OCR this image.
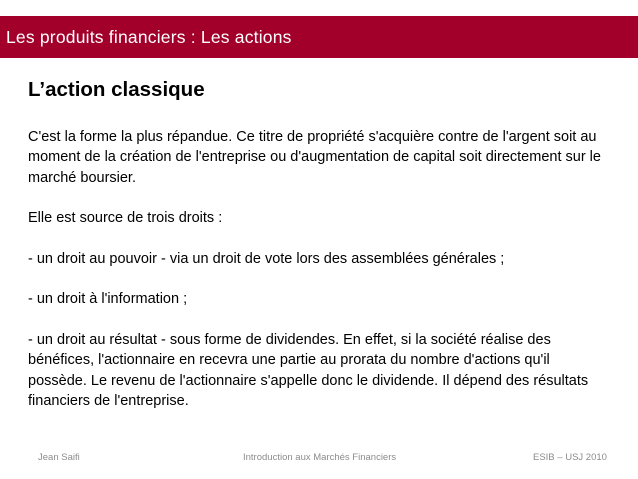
Les produits financiers : Les actions
L’action classique

C'est la forme la plus répandue. Ce titre de propriété s'acquière contre de l'argent soit au moment de la création de l'entreprise ou d'augmentation de capital soit directement sur le marché boursier.

Elle est source de trois droits :

- un droit au pouvoir - via un droit de vote lors des assemblées générales ;

- un droit à l'information ;

- un droit au résultat - sous forme de dividendes. En effet, si la société réalise des bénéfices, l'actionnaire en recevra une partie au prorata du nombre d'actions qu'il possède. Le revenu de l'actionnaire s'appelle donc le dividende. Il dépend des résultats financiers de l'entreprise.

Jean Saifi	Introduction aux Marchés Financiers	ESIB – USJ 2010
